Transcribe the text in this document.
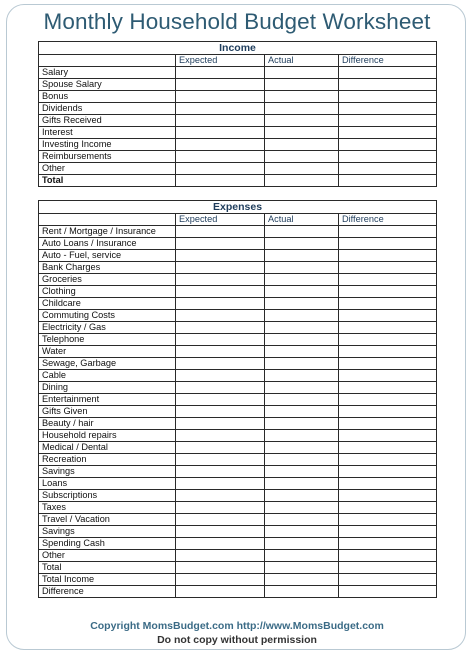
Monthly Household Budget Worksheet
Income			
	Expected	Actual	Difference
Salary			
Spouse Salary			
Bonus			
Dividends			
Gifts Received			
Interest			
Investing Income			
Reimbursements			
Other			
Total			
Expenses			
	Expected	Actual	Difference
Rent / Mortgage / Insurance			
Auto Loans / Insurance			
Auto - Fuel, service			
Bank Charges			
Groceries			
Clothing			
Childcare			
Commuting Costs			
Electricity / Gas			
Telephone			
Water			
Sewage, Garbage			
Cable			
Dining			
Entertainment			
Gifts Given			
Beauty / hair			
Household repairs			
Medical / Dental			
Recreation			
Savings			
Loans			
Subscriptions			
Taxes			
Travel / Vacation			
Savings			
Spending Cash			
Other			
Total			
Total Income			
Difference			
Copyright MomsBudget.com http://www.MomsBudget.com
Do not copy without permission
